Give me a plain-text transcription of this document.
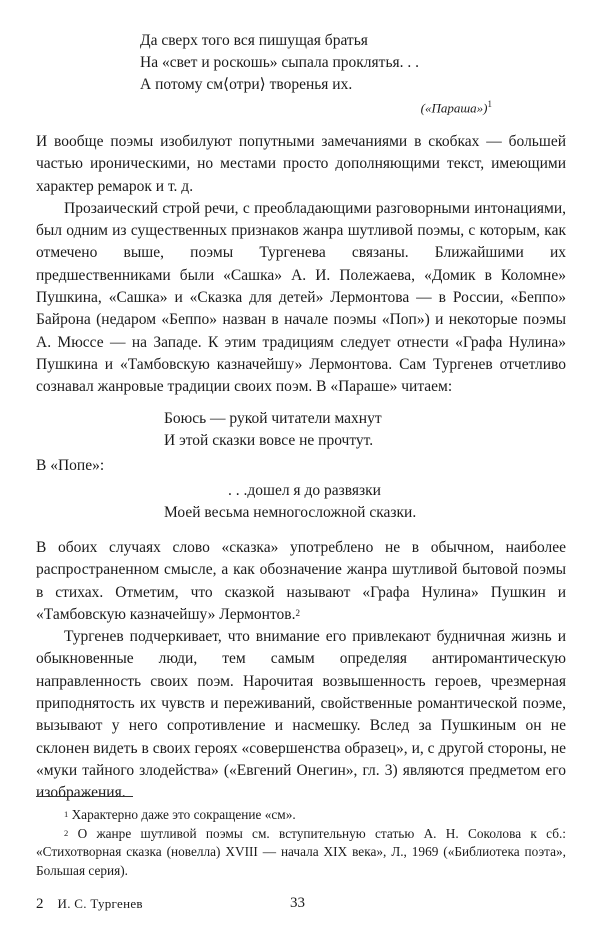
Да сверх того вся пишущая братья
На «свет и роскошь» сыпала проклятья. . .
А потому см⟨отри⟩ творенья их.
(«Параша»)$^1$

И вообще поэмы изобилуют попутными замечаниями в скобках — большей частью ироническими, но местами просто дополняющими текст, имеющими характер ремарок и т. д.

Прозаический строй речи, с преобладающими разговорными интонациями, был одним из существенных признаков жанра шутливой поэмы, с которым, как отмечено выше, поэмы Тургенева связаны. Ближайшими их предшественниками были «Сашка» А. И. Полежаева, «Домик в Коломне» Пушкина, «Сашка» и «Сказка для детей» Лермонтова — в России, «Беппо» Байрона (недаром «Беппо» назван в начале поэмы «Поп») и некоторые поэмы А. Мюссе — на Западе. К этим традициям следует отнести «Графа Нулина» Пушкина и «Тамбовскую казначейшу» Лермонтова. Сам Тургенев отчетливо сознавал жанровые традиции своих поэм. В «Параше» читаем:

Боюсь — рукой читатели махнут
И этой сказки вовсе не прочтут.

В «Попе»:

. . .дошел я до развязки
Моей весьма немногосложной сказки.

В обоих случаях слово «сказка» употреблено не в обычном, наиболее распространенном смысле, а как обозначение жанра шутливой бытовой поэмы в стихах. Отметим, что сказкой называют «Графа Нулина» Пушкин и «Тамбовскую казначейшу» Лермонтов.$^2$

Тургенев подчеркивает, что внимание его привлекают будничная жизнь и обыкновенные люди, тем самым определяя антиромантическую направленность своих поэм. Нарочитая возвышенность героев, чрезмерная приподнятость их чувств и переживаний, свойственные романтической поэме, вызывают у него сопротивление и насмешку. Вслед за Пушкиным он не склонен видеть в своих героях «совершенства образец», и, с другой стороны, не «муки тайного злодейства» («Евгений Онегин», гл. 3) являются предметом его изображения.

$^1$ Характерно даже это сокращение «см».

$^2$ О жанре шутливой поэмы см. вступительную статью А. Н. Соколова к сб.: «Стихотворная сказка (новелла) XVIII — начала XIX века», Л., 1969 («Библиотека поэта», Большая серия).

2 И. С. Тургенев	33
